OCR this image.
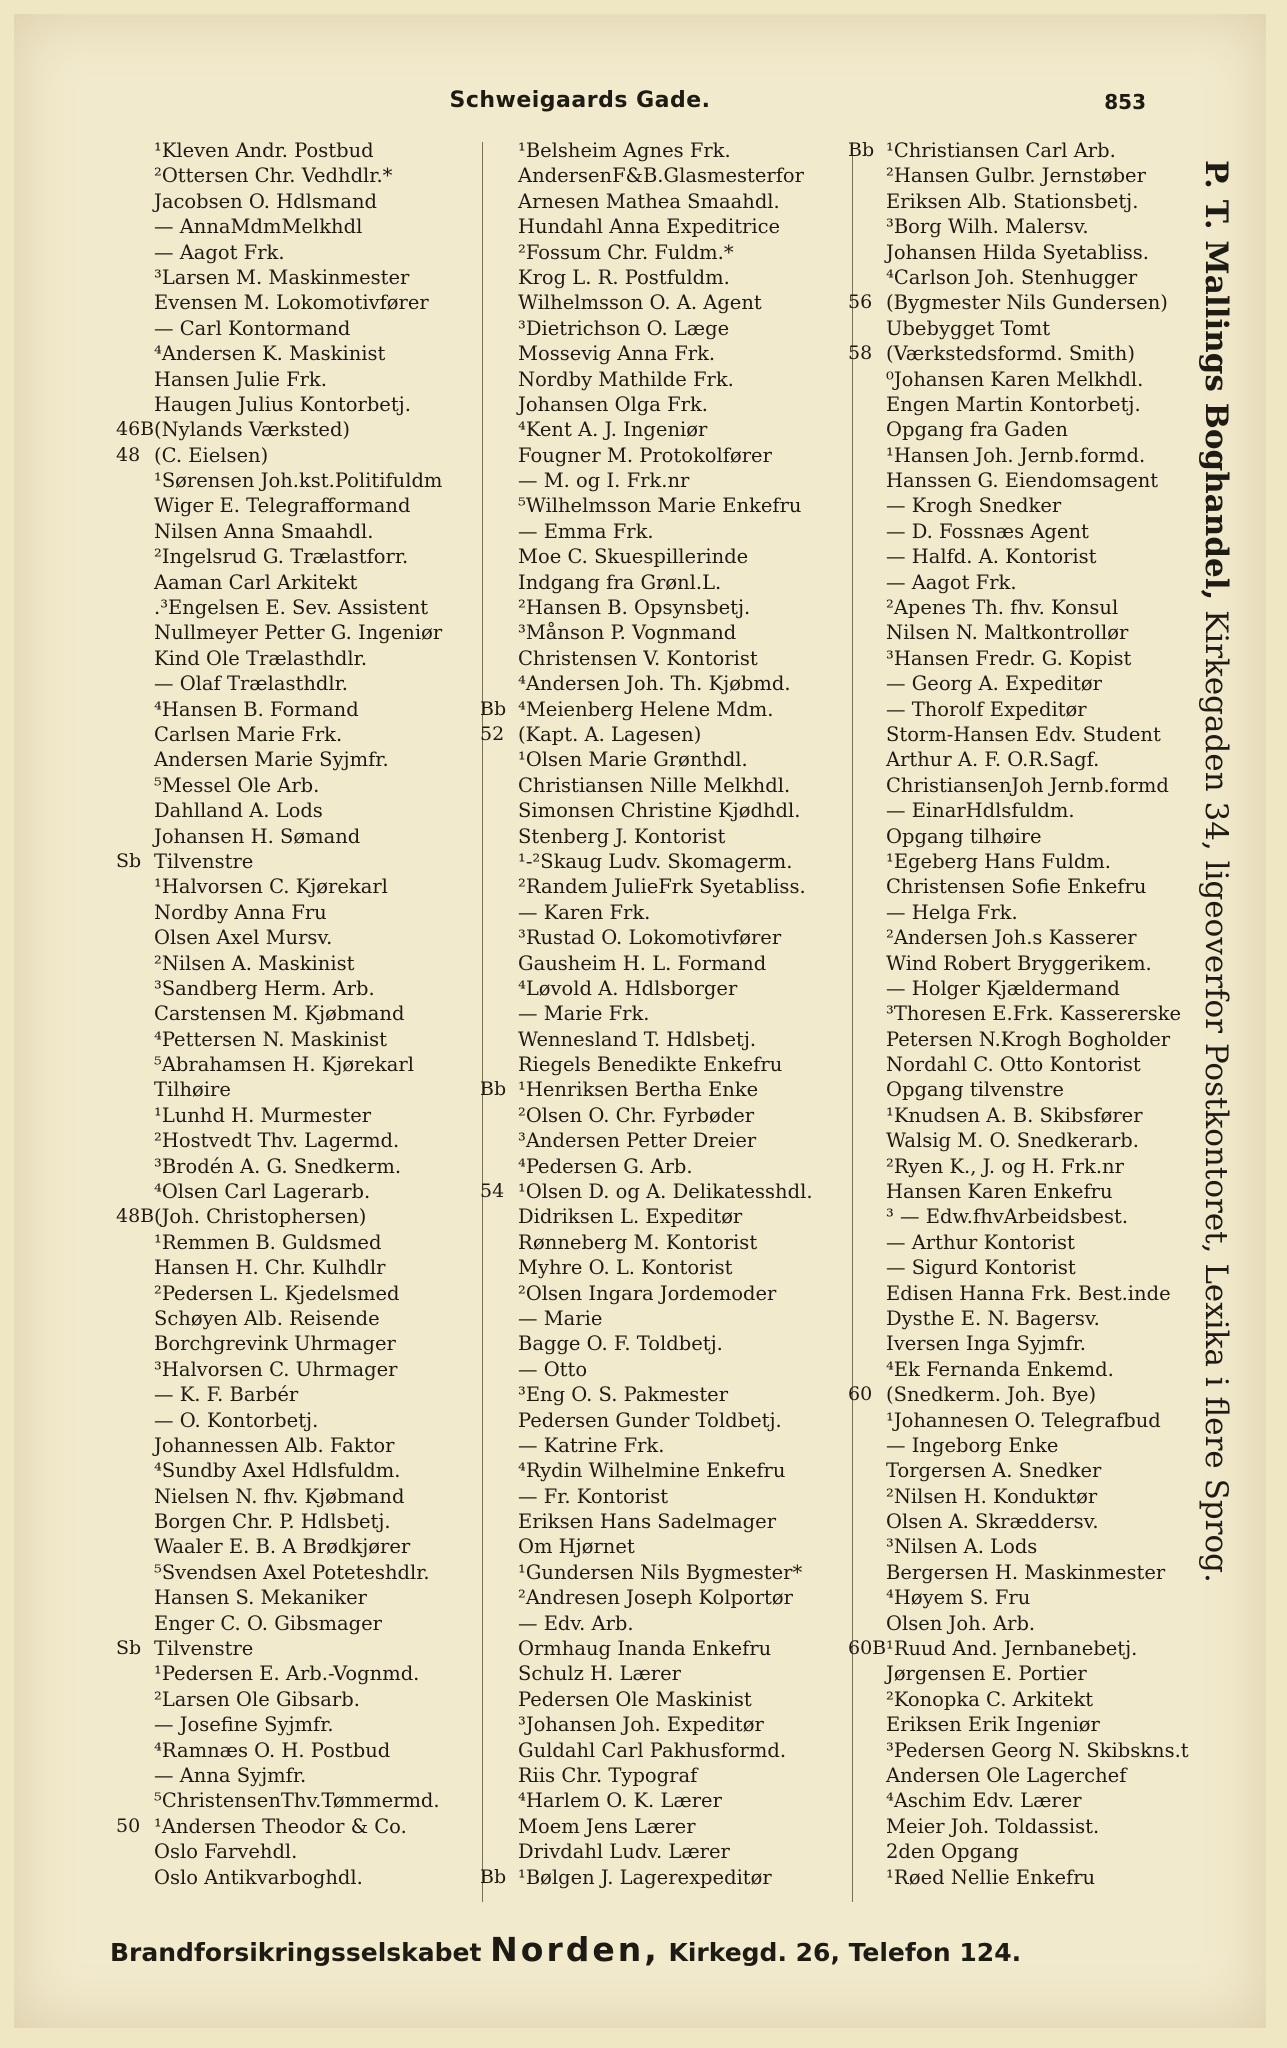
Schweigaards Gade.	853
¹Kleven Andr. Postbud
²Ottersen Chr. Vedhdlr.*
Jacobsen O. Hdlsmand
— AnnaMdmMelkhdl
— Aagot Frk.
³Larsen M. Maskinmester
Evensen M. Lokomotivfører
— Carl Kontormand
⁴Andersen K. Maskinist
Hansen Julie Frk.
Haugen Julius Kontorbetj.
46B (Nylands Værksted)
48 (C. Eielsen)
¹Sørensen Joh.kst.Politifuldm
Wiger E. Telegrafformand
Nilsen Anna Smaahdl.
²Ingelsrud G. Trælastforr.
Aaman Carl Arkitekt
.³Engelsen E. Sev. Assistent
Nullmeyer Petter G. Ingeniør
Kind Ole Trælasthdlr.
— Olaf Trælasthdlr.
⁴Hansen B. Formand
Carlsen Marie Frk.
Andersen Marie Syjmfr.
⁵Messel Ole Arb.
Dahlland A. Lods
Johansen H. Sømand
Sb Tilvenstre
¹Halvorsen C. Kjørekarl
Nordby Anna Fru
Olsen Axel Mursv.
²Nilsen A. Maskinist
³Sandberg Herm. Arb.
Carstensen M. Kjøbmand
⁴Pettersen N. Maskinist
⁵Abrahamsen H. Kjørekarl
Tilhøire
¹Lunhd H. Murmester
²Hostvedt Thv. Lagermd.
³Brodén A. G. Snedkerm.
⁴Olsen Carl Lagerarb.
48B (Joh. Christophersen)
¹Remmen B. Guldsmed
Hansen H. Chr. Kulhdlr
²Pedersen L. Kjedelsmed
Schøyen Alb. Reisende
Borchgrevink Uhrmager
³Halvorsen C. Uhrmager
— K. F. Barbér
— O. Kontorbetj.
Johannessen Alb. Faktor
⁴Sundby Axel Hdlsfuldm.
Nielsen N. fhv. Kjøbmand
Borgen Chr. P. Hdlsbetj.
Waaler E. B. A Brødkjører
⁵Svendsen Axel Poteteshdlr.
Hansen S. Mekaniker
Enger C. O. Gibsmager
Sb Tilvenstre
¹Pedersen E. Arb.-Vognmd.
²Larsen Ole Gibsarb.
— Josefine Syjmfr.
⁴Ramnæs O. H. Postbud
— Anna Syjmfr.
⁵ChristensenThv.Tømmermd.
50 ¹Andersen Theodor & Co.
Oslo Farvehdl.
Oslo Antikvarboghdl.
¹Belsheim Agnes Frk.
AndersenF&B.Glasmesterfor
Arnesen Mathea Smaahdl.
Hundahl Anna Expeditrice
²Fossum Chr. Fuldm.*
Krog L. R. Postfuldm.
Wilhelmsson O. A. Agent
³Dietrichson O. Læge
Mossevig Anna Frk.
Nordby Mathilde Frk.
Johansen Olga Frk.
⁴Kent A. J. Ingeniør
Fougner M. Protokolfører
— M. og I. Frk.nr
⁵Wilhelmsson Marie Enkefru
— Emma Frk.
Moe C. Skuespillerinde
Indgang fra Grønl.L.
²Hansen B. Opsynsbetj.
³Månson P. Vognmand
Christensen V. Kontorist
⁴Andersen Joh. Th. Kjøbmd.
Bb ⁴Meienberg Helene Mdm.
52 (Kapt. A. Lagesen)
¹Olsen Marie Grønthdl.
Christiansen Nille Melkhdl.
Simonsen Christine Kjødhdl.
Stenberg J. Kontorist
¹-²Skaug Ludv. Skomagerm.
²Randem JulieFrk Syetabliss.
— Karen Frk.
³Rustad O. Lokomotivfører
Gausheim H. L. Formand
⁴Løvold A. Hdlsborger
— Marie Frk.
Wennesland T. Hdlsbetj.
Riegels Benedikte Enkefru
Bb ¹Henriksen Bertha Enke
²Olsen O. Chr. Fyrbøder
³Andersen Petter Dreier
⁴Pedersen G. Arb.
54 ¹Olsen D. og A. Delikatesshdl.
Didriksen L. Expeditør
Rønneberg M. Kontorist
Myhre O. L. Kontorist
²Olsen Ingara Jordemoder
— Marie
Bagge O. F. Toldbetj.
— Otto
³Eng O. S. Pakmester
Pedersen Gunder Toldbetj.
— Katrine Frk.
⁴Rydin Wilhelmine Enkefru
— Fr. Kontorist
Eriksen Hans Sadelmager
Om Hjørnet
¹Gundersen Nils Bygmester*
²Andresen Joseph Kolportør
— Edv. Arb.
Ormhaug Inanda Enkefru
Schulz H. Lærer
Pedersen Ole Maskinist
³Johansen Joh. Expeditør
Guldahl Carl Pakhusformd.
Riis Chr. Typograf
⁴Harlem O. K. Lærer
Moem Jens Lærer
Drivdahl Ludv. Lærer
Bb ¹Bølgen J. Lagerexpeditør
Bb ¹Christiansen Carl Arb.
²Hansen Gulbr. Jernstøber
Eriksen Alb. Stationsbetj.
³Borg Wilh. Malersv.
Johansen Hilda Syetabliss.
⁴Carlson Joh. Stenhugger
56 (Bygmester Nils Gundersen)
Ubebygget Tomt
58 (Værkstedsformd. Smith)
⁰Johansen Karen Melkhdl.
Engen Martin Kontorbetj.
Opgang fra Gaden
¹Hansen Joh. Jernb.formd.
Hanssen G. Eiendomsagent
— Krogh Snedker
— D. Fossnæs Agent
— Halfd. A. Kontorist
— Aagot Frk.
²Apenes Th. fhv. Konsul
Nilsen N. Maltkontrollør
³Hansen Fredr. G. Kopist
— Georg A. Expeditør
— Thorolf Expeditør
Storm-Hansen Edv. Student
Arthur A. F. O.R.Sagf.
ChristiansenJoh Jernb.formd
— EinarHdlsfuldm.
Opgang tilhøire
¹Egeberg Hans Fuldm.
Christensen Sofie Enkefru
— Helga Frk.
²Andersen Joh.s Kasserer
Wind Robert Bryggerikem.
— Holger Kjældermand
³Thoresen E.Frk. Kassererske
Petersen N.Krogh Bogholder
Nordahl C. Otto Kontorist
Opgang tilvenstre
¹Knudsen A. B. Skibsfører
Walsig M. O. Snedkerarb.
²Ryen K., J. og H. Frk.nr
Hansen Karen Enkefru
³ — Edw.fhvArbeidsbest.
— Arthur Kontorist
— Sigurd Kontorist
Edisen Hanna Frk. Best.inde
Dysthe E. N. Bagersv.
Iversen Inga Syjmfr.
⁴Ek Fernanda Enkemd.
60 (Snedkerm. Joh. Bye)
¹Johannesen O. Telegrafbud
— Ingeborg Enke
Torgersen A. Snedker
²Nilsen H. Konduktør
Olsen A. Skræddersv.
³Nilsen A. Lods
Bergersen H. Maskinmester
⁴Høyem S. Fru
Olsen Joh. Arb.
60B ¹Ruud And. Jernbanebetj.
Jørgensen E. Portier
²Konopka C. Arkitekt
Eriksen Erik Ingeniør
³Pedersen Georg N. Skibskns.t
Andersen Ole Lagerchef
⁴Aschim Edv. Lærer
Meier Joh. Toldassist.
2den Opgang
¹Røed Nellie Enkefru
P. T. Mallings Boghandel, Kirkegaden 34, ligeoverfor Postkontoret, Lexika i flere Sprog.
Brandforsikringsselskabet Norden, Kirkegd. 26, Telefon 124.
